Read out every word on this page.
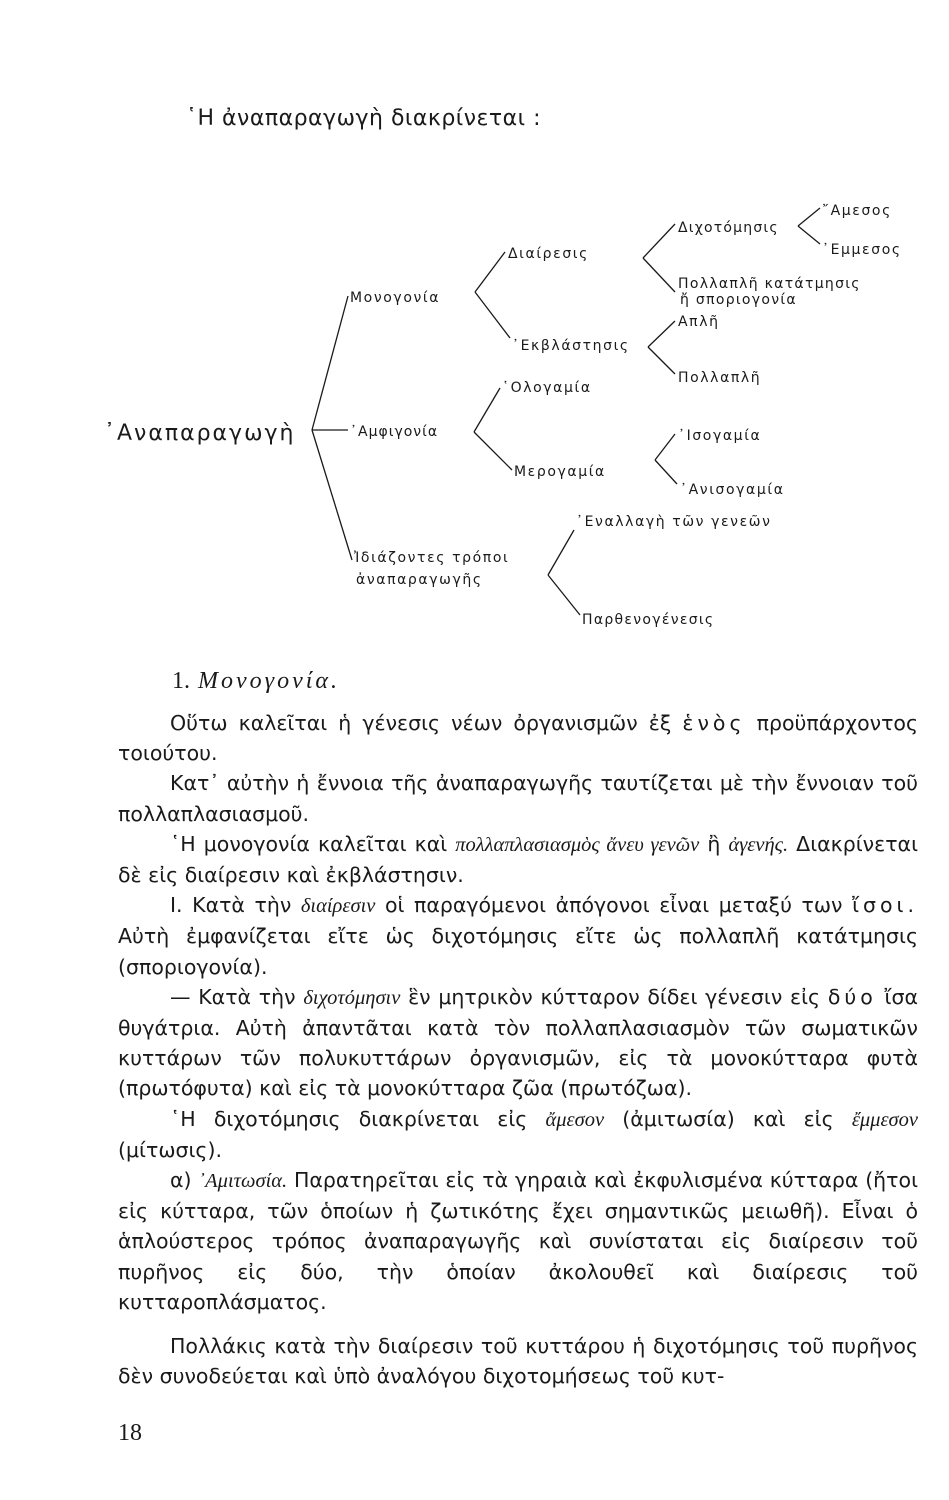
῾Η ἀναπαραγωγὴ διακρίνεται :
᾿Αναπαραγωγὴ
Μονογονία
Διαίρεσις
Διχοτόμησις
῎Αμεσος
᾿Εμμεσος
Πολλαπλῆ κατάτμησις
ἤ σποριογονία
᾿Εκβλάστησις
Απλῆ
Πολλαπλῆ
᾿Αμφιγονία
῾Ολογαμία
Μερογαμία
᾿Ισογαμία
᾿Ανισογαμία
Ἰδιάζοντες τρόποι
ἀναπαραγωγῆς
᾿Εναλλαγὴ τῶν γενεῶν
Παρθενογένεσις
1. Μονογονία.

Οὕτω καλεῖται ἡ γένεσις νέων ὀργανισμῶν ἐξ ἑνὸς προϋπάρχοντος τοιούτου.

Κατ᾿ αὐτὴν ἡ ἔννοια τῆς ἀναπαραγωγῆς ταυτίζεται μὲ τὴν ἔννοιαν τοῦ πολλαπλασιασμοῦ.

῾Η μονογονία καλεῖται καὶ πολλαπλασιασμὸς ἄνευ γενῶν ἢ ἀγενής. Διακρίνεται δὲ εἰς διαίρεσιν καὶ ἐκβλάστησιν.

Ι. Κατὰ τὴν διαίρεσιν οἱ παραγόμενοι ἀπόγονοι εἶναι μεταξύ των ἴσοι. Αὐτὴ ἐμφανίζεται εἴτε ὡς διχοτόμησις εἴτε ὡς πολλαπλῆ κατάτμησις (σποριογονία).

— Κατὰ τὴν διχοτόμησιν ἓν μητρικὸν κύτταρον δίδει γένεσιν εἰς δύο ἴσα θυγάτρια. Αὐτὴ ἀπαντᾶται κατὰ τὸν πολλαπλασιασμὸν τῶν σωματικῶν κυττάρων τῶν πολυκυττάρων ὀργανισμῶν, εἰς τὰ μονοκύτταρα φυτὰ (πρωτόφυτα) καὶ εἰς τὰ μονοκύτταρα ζῶα (πρωτόζωα).

῾Η διχοτόμησις διακρίνεται εἰς ἄμεσον (ἀμιτωσία) καὶ εἰς ἔμμεσον (μίτωσις).

α) ᾿Αμιτωσία. Παρατηρεῖται εἰς τὰ γηραιὰ καὶ ἐκφυλισμένα κύτταρα (ἤτοι εἰς κύτταρα, τῶν ὁποίων ἡ ζωτικότης ἔχει σημαντικῶς μειωθῆ). Εἶναι ὁ ἁπλούστερος τρόπος ἀναπαραγωγῆς καὶ συνίσταται εἰς διαίρεσιν τοῦ πυρῆνος εἰς δύο, τὴν ὁποίαν ἀκολουθεῖ καὶ διαίρεσις τοῦ κυτταροπλάσματος.

Πολλάκις κατὰ τὴν διαίρεσιν τοῦ κυττάρου ἡ διχοτόμησις τοῦ πυρῆνος δὲν συνοδεύεται καὶ ὑπὸ ἀναλόγου διχοτομήσεως τοῦ κυτ-

18
